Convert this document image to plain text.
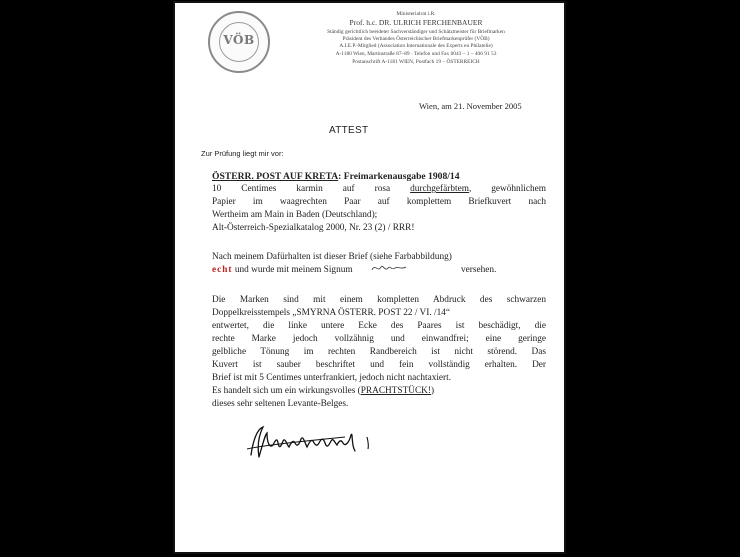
VÖB
Ministerialrat i.R.
Prof. h.c. DR. ULRICH FERCHENBAUER
Ständig gerichtlich beeideter Sachverständiger und Schätzmeister für Briefmarken
Präsident des Verbandes Österreichischer Briefmarkenprüfer (VÖB)
A.I.E.P.-Mitglied (Association Internationale des Experts en Philatelie)
A-1180 Wien, Martinstraße 87–89 · Telefon und Fax 0043 – 1 – 406 91 53
Postanschrift A-1181 WIEN, Postfach 19 – ÖSTERREICH
Wien, am 21. November 2005
ATTEST
Zur Prüfung liegt mir vor:
ÖSTERR. POST AUF KRETA: Freimarkenausgabe 1908/14
10 Centimes karmin auf rosa durchgefärbtem, gewöhnlichem
Papier im waagrechten Paar auf komplettem Briefkuvert nach
Wertheim am Main in Baden (Deutschland);
Alt-Österreich-Spezialkatalog 2000, Nr. 23 (2) / RRR!
Nach meinem Dafürhalten ist dieser Brief (siehe Farbabbildung)
echt und wurde mit meinem Signum	versehen.
Die Marken sind mit einem kompletten Abdruck des schwarzen
Doppelkreisstempels „SMYRNA ÖSTERR. POST 22 / VI. /14“
entwertet, die linke untere Ecke des Paares ist beschädigt, die
rechte Marke jedoch vollzähnig und einwandfrei; eine geringe
gelbliche Tönung im rechten Randbereich ist nicht störend. Das
Kuvert ist sauber beschriftet und fein vollständig erhalten. Der
Brief ist mit 5 Centimes unterfrankiert, jedoch nicht nachtaxiert.
Es handelt sich um ein wirkungsvolles (PRACHTSTÜCK!)
dieses sehr seltenen Levante-Belges.
